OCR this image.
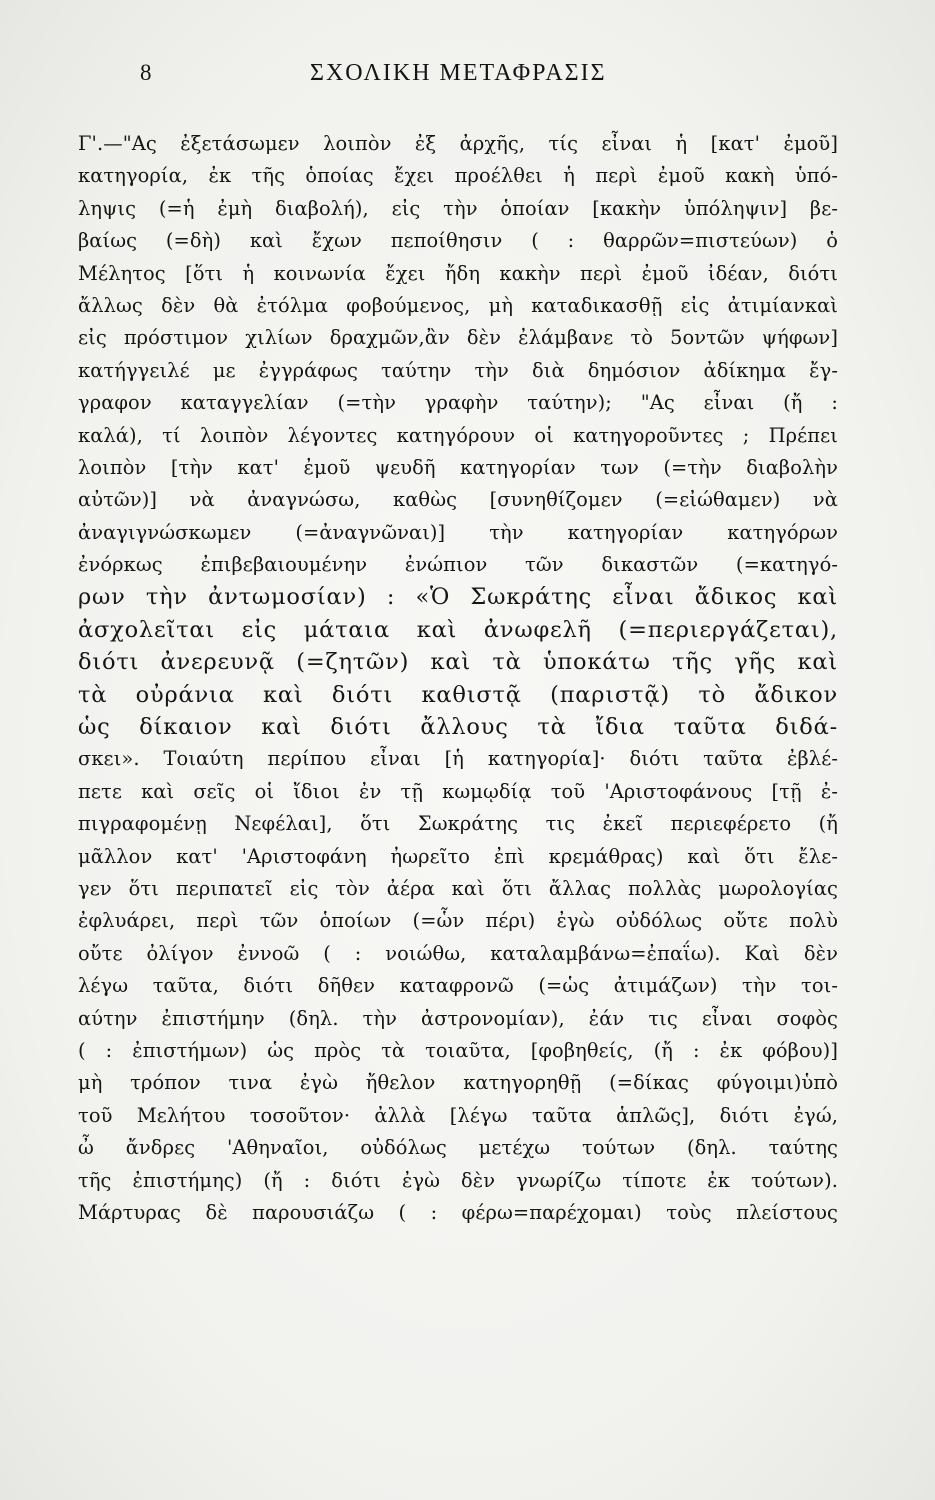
8	ΣΧΟΛΙΚΗ ΜΕΤΑΦΡΑΣΙΣ
Γ'.—"Ας ἐξετάσωμεν λοιπὸν ἐξ ἀρχῆς, τίς εἶναι ἡ [κατ' ἐμοῦ]
κατηγορία, ἐκ τῆς ὁποίας ἔχει προέλθει ἡ περὶ ἐμοῦ κακὴ ὑπό-
ληψις (=ἡ ἐμὴ διαβολή), εἰς τὴν ὁποίαν [κακὴν ὑπόληψιν] βε-
βαίως (=δὴ) καὶ ἔχων πεποίθησιν ( : θαρρῶν=πιστεύων) ὁ
Μέλητος [ὅτι ἡ κοινωνία ἔχει ἤδη κακὴν περὶ ἐμοῦ ἰδέαν, διότι
ἄλλως δὲν θὰ ἐτόλμα φοβούμενος, μὴ καταδικασθῇ εἰς ἀτιμίανκαὶ
εἰς πρόστιμον χιλίων δραχμῶν,ἂν δὲν ἐλάμβανε τὸ 5οντῶν ψήφων]
κατήγγειλέ με ἐγγράφως ταύτην τὴν διὰ δημόσιον ἀδίκημα ἔγ-
γραφον καταγγελίαν (=τὴν γραφὴν ταύτην); "Ας εἶναι (ἤ :
καλά), τί λοιπὸν λέγοντες κατηγόρουν οἱ κατηγοροῦντες ; Πρέπει
λοιπὸν [τὴν κατ' ἐμοῦ ψευδῆ κατηγορίαν των (=τὴν διαβολὴν
αὐτῶν)] νὰ ἀναγνώσω, καθὼς [συνηθίζομεν (=εἰώθαμεν) νὰ
ἀναγιγνώσκωμεν (=ἀναγνῶναι)] τὴν κατηγορίαν κατηγόρων
ἐνόρκως ἐπιβεβαιουμένην ἐνώπιον τῶν δικαστῶν (=κατηγό-
ρων τὴν ἀντωμοσίαν) : «Ὁ Σωκράτης εἶναι ἄδικος καὶ
ἀσχολεῖται εἰς μάταια καὶ ἀνωφελῆ (=περιεργάζεται),
διότι ἀνερευνᾷ (=ζητῶν) καὶ τὰ ὑποκάτω τῆς γῆς καὶ
τὰ οὐράνια καὶ διότι καθιστᾷ (παριστᾷ) τὸ ἄδικον
ὡς δίκαιον καὶ διότι ἄλλους τὰ ἴδια ταῦτα διδά-
σκει». Τοιαύτη περίπου εἶναι [ἡ κατηγορία]· διότι ταῦτα ἐβλέ-
πετε καὶ σεῖς οἱ ἴδιοι ἐν τῇ κωμῳδίᾳ τοῦ 'Αριστοφάνους [τῇ ἐ-
πιγραφομένῃ Νεφέλαι], ὅτι Σωκράτης τις ἐκεῖ περιεφέρετο (ἤ
μᾶλλον κατ' 'Αριστοφάνη ἠωρεῖτο ἐπὶ κρεμάθρας) καὶ ὅτι ἔλε-
γεν ὅτι περιπατεῖ εἰς τὸν ἀέρα καὶ ὅτι ἄλλας πολλὰς μωρολογίας
ἐφλυάρει, περὶ τῶν ὁποίων (=ὧν πέρι) ἐγὼ οὐδόλως οὔτε πολὺ
οὔτε ὀλίγον ἐννοῶ ( : νοιώθω, καταλαμβάνω=ἐπαΐω). Καὶ δὲν
λέγω ταῦτα, διότι δῆθεν καταφρονῶ (=ὡς ἀτιμάζων) τὴν τοι-
αύτην ἐπιστήμην (δηλ. τὴν ἀστρονομίαν), ἐάν τις εἶναι σοφὸς
( : ἐπιστήμων) ὡς πρὸς τὰ τοιαῦτα, [φοβηθείς, (ἤ : ἐκ φόβου)]
μὴ τρόπον τινα ἐγὼ ἤθελον κατηγορηθῇ (=δίκας φύγοιμι)ὑπὸ
τοῦ Μελήτου τοσοῦτον· ἀλλὰ [λέγω ταῦτα ἁπλῶς], διότι ἐγώ,
ὦ ἄνδρες 'Αθηναῖοι, οὐδόλως μετέχω τούτων (δηλ. ταύτης
τῆς ἐπιστήμης) (ἤ : διότι ἐγὼ δὲν γνωρίζω τίποτε ἐκ τούτων).
Μάρτυρας δὲ παρουσιάζω ( : φέρω=παρέχομαι) τοὺς πλείστους
